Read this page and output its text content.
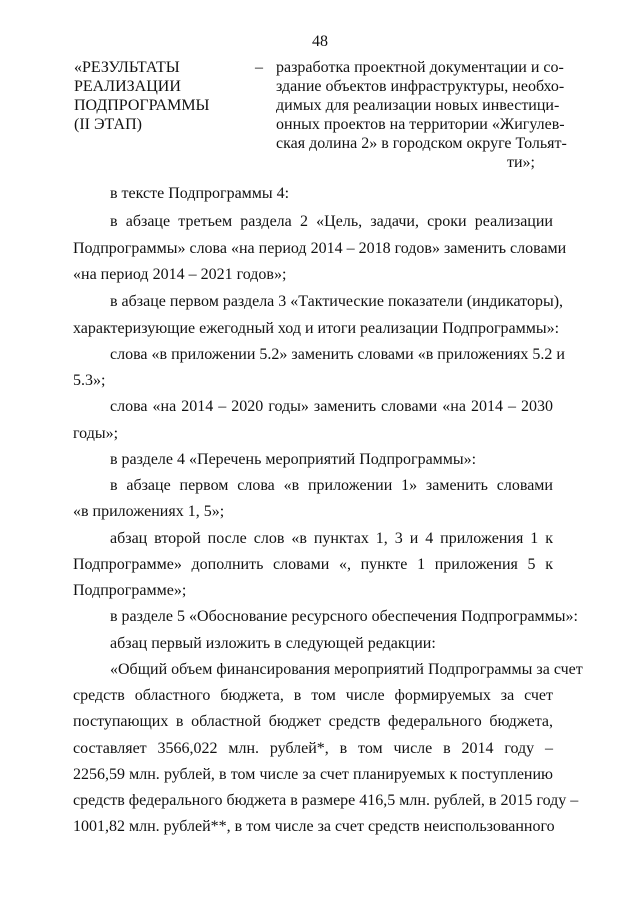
48
«РЕЗУЛЬТАТЫ
РЕАЛИЗАЦИИ
ПОДПРОГРАММЫ
(II ЭТАП)
– разработка проектной документации и со-
здание объектов инфраструктуры, необхо-
димых для реализации новых инвестици-
онных проектов на территории «Жигулев-
ская долина 2» в городском округе Тольят-
ти»;
в тексте Подпрограммы 4:
в абзаце третьем раздела 2 «Цель, задачи, сроки реализации
Подпрограммы» слова «на период 2014 – 2018 годов» заменить словами
«на период 2014 – 2021 годов»;
в абзаце первом раздела 3 «Тактические показатели (индикаторы),
характеризующие ежегодный ход и итоги реализации Подпрограммы»:
слова «в приложении 5.2» заменить словами «в приложениях 5.2 и
5.3»;
слова «на 2014 – 2020 годы» заменить словами «на 2014 – 2030
годы»;
в разделе 4 «Перечень мероприятий Подпрограммы»:
в абзаце первом слова «в приложении 1» заменить словами
«в приложениях 1, 5»;
абзац второй после слов «в пунктах 1, 3 и 4 приложения 1 к
Подпрограмме» дополнить словами «, пункте 1 приложения 5 к
Подпрограмме»;
в разделе 5 «Обоснование ресурсного обеспечения Подпрограммы»:
абзац первый изложить в следующей редакции:
«Общий объем финансирования мероприятий Подпрограммы за счет
средств областного бюджета, в том числе формируемых за счет
поступающих в областной бюджет средств федерального бюджета,
составляет 3566,022 млн. рублей*, в том числе в 2014 году –
2256,59 млн. рублей, в том числе за счет планируемых к поступлению
средств федерального бюджета в размере 416,5 млн. рублей, в 2015 году –
1001,82 млн. рублей**, в том числе за счет средств неиспользованного
